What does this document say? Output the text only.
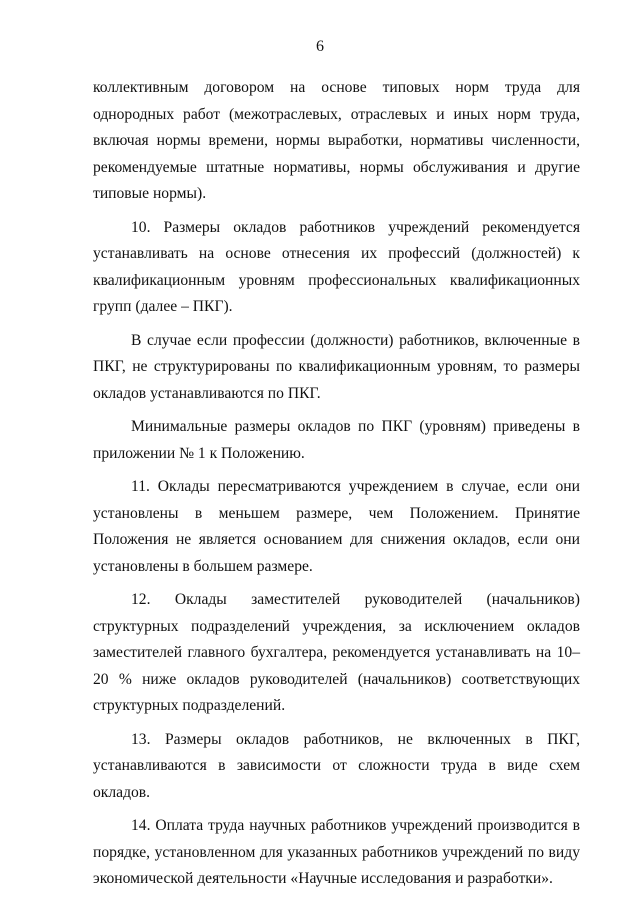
6

коллективным договором на основе типовых норм труда для однородных работ (межотраслевых, отраслевых и иных норм труда, включая нормы времени, нормы выработки, нормативы численности, рекомендуемые штатные нормативы, нормы обслуживания и другие типовые нормы).

10. Размеры окладов работников учреждений рекомендуется устанавливать на основе отнесения их профессий (должностей) к квалификационным уровням профессиональных квалификационных групп (далее – ПКГ).

В случае если профессии (должности) работников, включенные в ПКГ, не структурированы по квалификационным уровням, то размеры окладов устанавливаются по ПКГ.

Минимальные размеры окладов по ПКГ (уровням) приведены в приложении № 1 к Положению.

11. Оклады пересматриваются учреждением в случае, если они установлены в меньшем размере, чем Положением. Принятие Положения не является основанием для снижения окладов, если они установлены в большем размере.

12. Оклады заместителей руководителей (начальников) структурных подразделений учреждения, за исключением окладов заместителей главного бухгалтера, рекомендуется устанавливать на 10–20 % ниже окладов руководителей (начальников) соответствующих структурных подразделений.

13. Размеры окладов работников, не включенных в ПКГ, устанавливаются в зависимости от сложности труда в виде схем окладов.

14. Оплата труда научных работников учреждений производится в порядке, установленном для указанных работников учреждений по виду экономической деятельности «Научные исследования и разработки».
